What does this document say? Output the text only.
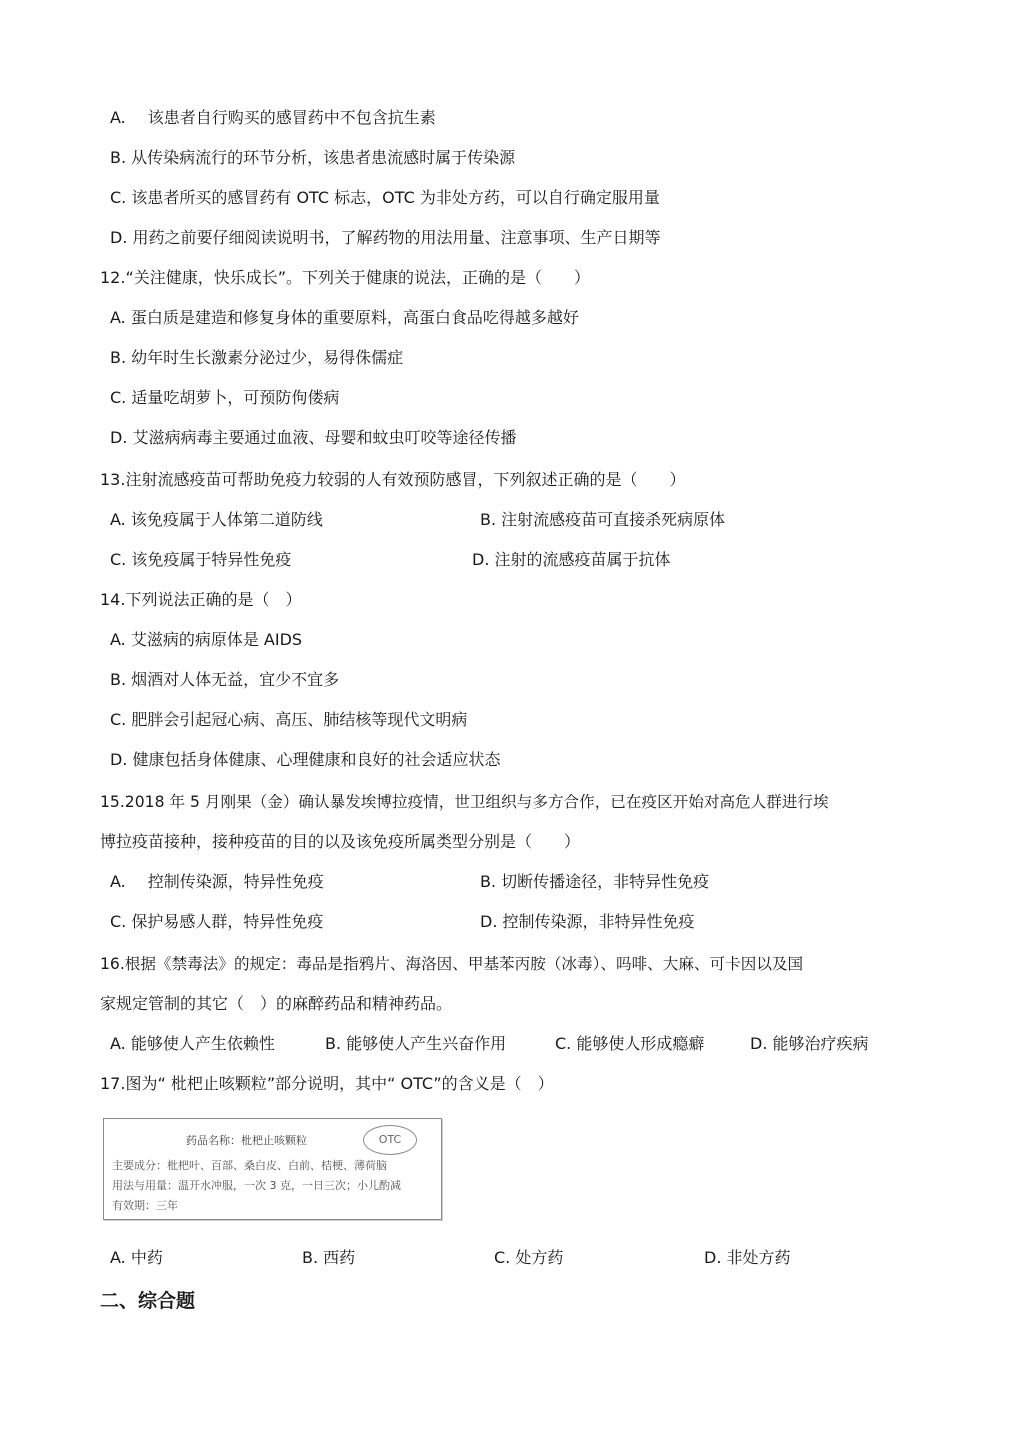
A. 该患者自行购买的感冒药中不包含抗生素
B. 从传染病流行的环节分析，该患者患流感时属于传染源
C. 该患者所买的感冒药有 OTC 标志，OTC 为非处方药，可以自行确定服用量
D. 用药之前要仔细阅读说明书，了解药物的用法用量、注意事项、生产日期等
12.“关注健康，快乐成长”。下列关于健康的说法，正确的是（　　）
A. 蛋白质是建造和修复身体的重要原料，高蛋白食品吃得越多越好
B. 幼年时生长激素分泌过少，易得侏儒症
C. 适量吃胡萝卜，可预防佝偻病
D. 艾滋病病毒主要通过血液、母婴和蚊虫叮咬等途径传播
13.注射流感疫苗可帮助免疫力较弱的人有效预防感冒，下列叙述正确的是（　　）
A. 该免疫属于人体第二道防线	B. 注射流感疫苗可直接杀死病原体
C. 该免疫属于特异性免疫	D. 注射的流感疫苗属于抗体
14.下列说法正确的是（　）
A. 艾滋病的病原体是 AIDS
B. 烟酒对人体无益，宜少不宜多
C. 肥胖会引起冠心病、高压、肺结核等现代文明病
D. 健康包括身体健康、心理健康和良好的社会适应状态
15.2018 年 5 月刚果（金）确认暴发埃博拉疫情，世卫组织与多方合作，已在疫区开始对高危人群进行埃
博拉疫苗接种，接种疫苗的目的以及该免疫所属类型分别是（　　）
A. 控制传染源，特异性免疫	B. 切断传播途径，非特异性免疫
C. 保护易感人群，特异性免疫	D. 控制传染源，非特异性免疫
16.根据《禁毒法》的规定：毒品是指鸦片、海洛因、甲基苯丙胺（冰毒）、吗啡、大麻、可卡因以及国
家规定管制的其它（　）的麻醉药品和精神药品。
A. 能够使人产生依赖性	B. 能够使人产生兴奋作用	C. 能够使人形成瘾癖	D. 能够治疗疾病
17.图为“ 枇杷止咳颗粒”部分说明，其中“ OTC”的含义是（　）
药品名称：枇杷止咳颗粒	OTC
主要成分：枇杷叶、百部、桑白皮、白前、桔梗、薄荷脑
用法与用量：温开水冲服，一次 3 克，一日三次；小儿酌减
有效期：三年
A. 中药	B. 西药	C. 处方药	D. 非处方药
二、综合题
